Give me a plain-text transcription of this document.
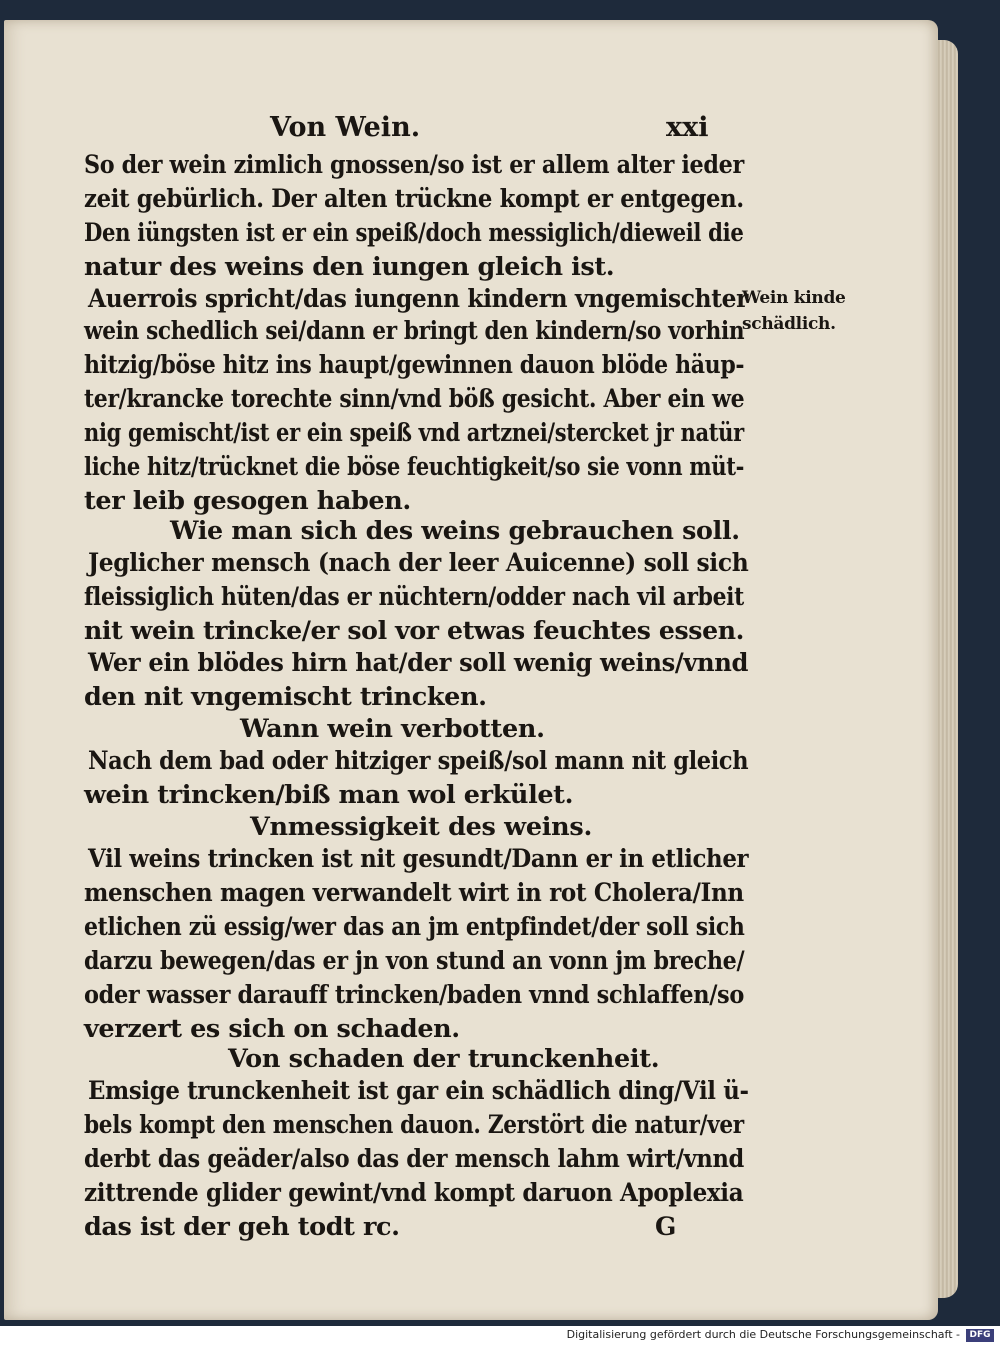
Von Wein.	xxi
Wein kinde
schädlich.
So der wein zimlich gnossen/so ist er allem alter ieder
zeit gebürlich. Der alten trückne kompt er entgegen.
Den iüngsten ist er ein speiß/doch messiglich/dieweil die
natur des weins den iungen gleich ist.
Auerrois spricht/das iungenn kindern vngemischter
wein schedlich sei/dann er bringt den kindern/so vorhin
hitzig/böse hitz ins haupt/gewinnen dauon blöde häup-
ter/krancke torechte sinn/vnd böß gesicht. Aber ein we
nig gemischt/ist er ein speiß vnd artznei/stercket jr natür
liche hitz/trücknet die böse feuchtigkeit/so sie vonn müt-
ter leib gesogen haben.
Wie man sich des weins gebrauchen soll.
Jeglicher mensch (nach der leer Auicenne) soll sich
fleissiglich hüten/das er nüchtern/odder nach vil arbeit
nit wein trincke/er sol vor etwas feuchtes essen.
Wer ein blödes hirn hat/der soll wenig weins/vnnd
den nit vngemischt trincken.
Wann wein verbotten.
Nach dem bad oder hitziger speiß/sol mann nit gleich
wein trincken/biß man wol erkület.
Vnmessigkeit des weins.
Vil weins trincken ist nit gesundt/Dann er in etlicher
menschen magen verwandelt wirt in rot Cholera/Inn
etlichen zü essig/wer das an jm entpfindet/der soll sich
darzu bewegen/das er jn von stund an vonn jm breche/
oder wasser darauff trincken/baden vnnd schlaffen/so
verzert es sich on schaden.
Von schaden der trunckenheit.
Emsige trunckenheit ist gar ein schädlich ding/Vil ü-
bels kompt den menschen dauon. Zerstört die natur/ver
derbt das geäder/also das der mensch lahm wirt/vnnd
zittrende glider gewint/vnd kompt daruon Apoplexia
das ist der geh todt rc.	G
Digitalisierung gefördert durch die Deutsche Forschungsgemeinschaft -	DFG
